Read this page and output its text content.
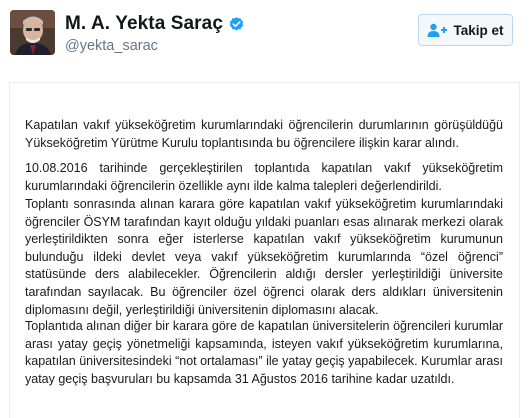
M. A. Yekta Saraç
@yekta_sarac
Takip et
Kapatılan vakıf yükseköğretim kurumlarındaki öğrencilerin durumlarının görüşüldüğü Yükseköğretim Yürütme Kurulu toplantısında bu öğrencilere ilişkin karar alındı.
10.08.2016 tarihinde gerçekleştirilen toplantıda kapatılan vakıf yükseköğretim kurumlarındaki öğrencilerin özellikle aynı ilde kalma talepleri değerlendirildi.
Toplantı sonrasında alınan karara göre kapatılan vakıf yükseköğretim kurumlarındaki öğrenciler ÖSYM tarafından kayıt olduğu yıldaki puanları esas alınarak merkezi olarak yerleştirildikten sonra eğer isterlerse kapatılan vakıf yükseköğretim kurumunun bulunduğu ildeki devlet veya vakıf yükseköğretim kurumlarında “özel öğrenci” statüsünde ders alabilecekler. Öğrencilerin aldığı dersler yerleştirildiği üniversite tarafından sayılacak. Bu öğrenciler özel öğrenci olarak ders aldıkları üniversitenin diplomasını değil, yerleştirildiği üniversitenin diplomasını alacak.
Toplantıda alınan diğer bir karara göre de kapatılan üniversitelerin öğrencileri kurumlar arası yatay geçiş yönetmeliği kapsamında, isteyen vakıf yükseköğretim kurumlarına, kapatılan üniversitesindeki “not ortalaması” ile yatay geçiş yapabilecek. Kurumlar arası yatay geçiş başvuruları bu kapsamda 31 Ağustos 2016 tarihine kadar uzatıldı.
